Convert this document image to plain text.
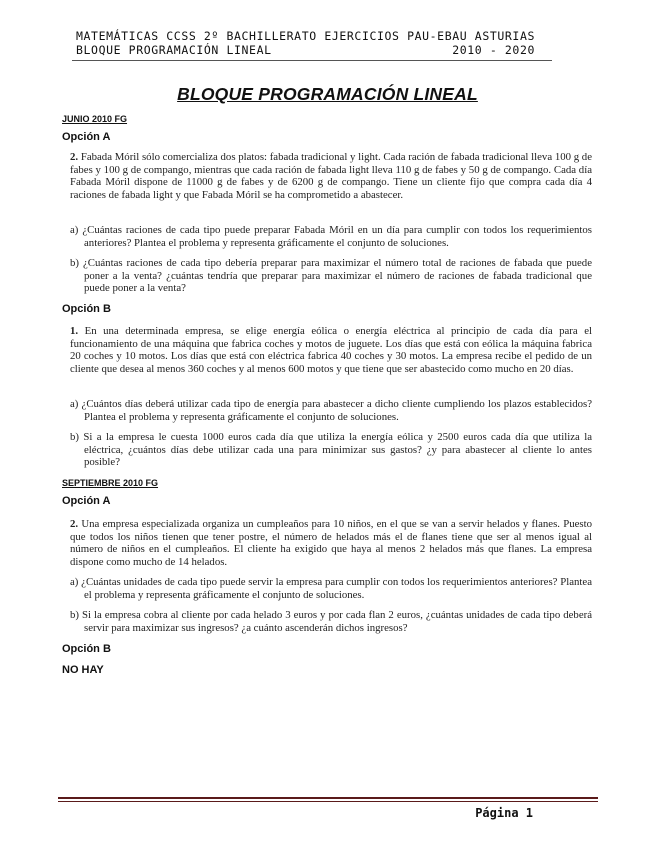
MATEMÁTICAS CCSS 2º BACHILLERATO
BLOQUE PROGRAMACIÓN LINEAL
EJERCICIOS PAU-EBAU ASTURIAS
2010 - 2020
BLOQUE PROGRAMACIÓN LINEAL
JUNIO 2010 FG
Opción A
2. Fabada Móril sólo comercializa dos platos: fabada tradicional y light. Cada ración de fabada tradicional lleva 100 g de fabes y 100 g de compango, mientras que cada ración de fabada light lleva 110 g de fabes y 50 g de compango. Cada día Fabada Móril dispone de 11000 g de fabes y de 6200 g de compango. Tiene un cliente fijo que compra cada día 4 raciones de fabada light y que Fabada Móril se ha comprometido a abastecer.
a) ¿Cuántas raciones de cada tipo puede preparar Fabada Móril en un día para cumplir con todos los requerimientos anteriores? Plantea el problema y representa gráficamente el conjunto de soluciones.
b) ¿Cuántas raciones de cada tipo debería preparar para maximizar el número total de raciones de fabada que puede poner a la venta? ¿cuántas tendría que preparar para maximizar el número de raciones de fabada tradicional que puede poner a la venta?
Opción B
1. En una determinada empresa, se elige energía eólica o energía eléctrica al principio de cada día para el funcionamiento de una máquina que fabrica coches y motos de juguete. Los días que está con eólica la máquina fabrica 20 coches y 10 motos. Los días que está con eléctrica fabrica 40 coches y 30 motos. La empresa recibe el pedido de un cliente que desea al menos 360 coches y al menos 600 motos y que tiene que ser abastecido como mucho en 20 días.
a) ¿Cuántos días deberá utilizar cada tipo de energía para abastecer a dicho cliente cumpliendo los plazos establecidos? Plantea el problema y representa gráficamente el conjunto de soluciones.
b) Si a la empresa le cuesta 1000 euros cada día que utiliza la energía eólica y 2500 euros cada día que utiliza la eléctrica, ¿cuántos días debe utilizar cada una para minimizar sus gastos? ¿y para abastecer al cliente lo antes posible?
SEPTIEMBRE 2010 FG
Opción A
2. Una empresa especializada organiza un cumpleaños para 10 niños, en el que se van a servir helados y flanes. Puesto que todos los niños tienen que tener postre, el número de helados más el de flanes tiene que ser al menos igual al número de niños en el cumpleaños. El cliente ha exigido que haya al menos 2 helados más que flanes. La empresa dispone como mucho de 14 helados.
a) ¿Cuántas unidades de cada tipo puede servir la empresa para cumplir con todos los requerimientos anteriores? Plantea el problema y representa gráficamente el conjunto de soluciones.
b) Si la empresa cobra al cliente por cada helado 3 euros y por cada flan 2 euros, ¿cuántas unidades de cada tipo deberá servir para maximizar sus ingresos? ¿a cuánto ascenderán dichos ingresos?
Opción B
NO HAY
Página 1
